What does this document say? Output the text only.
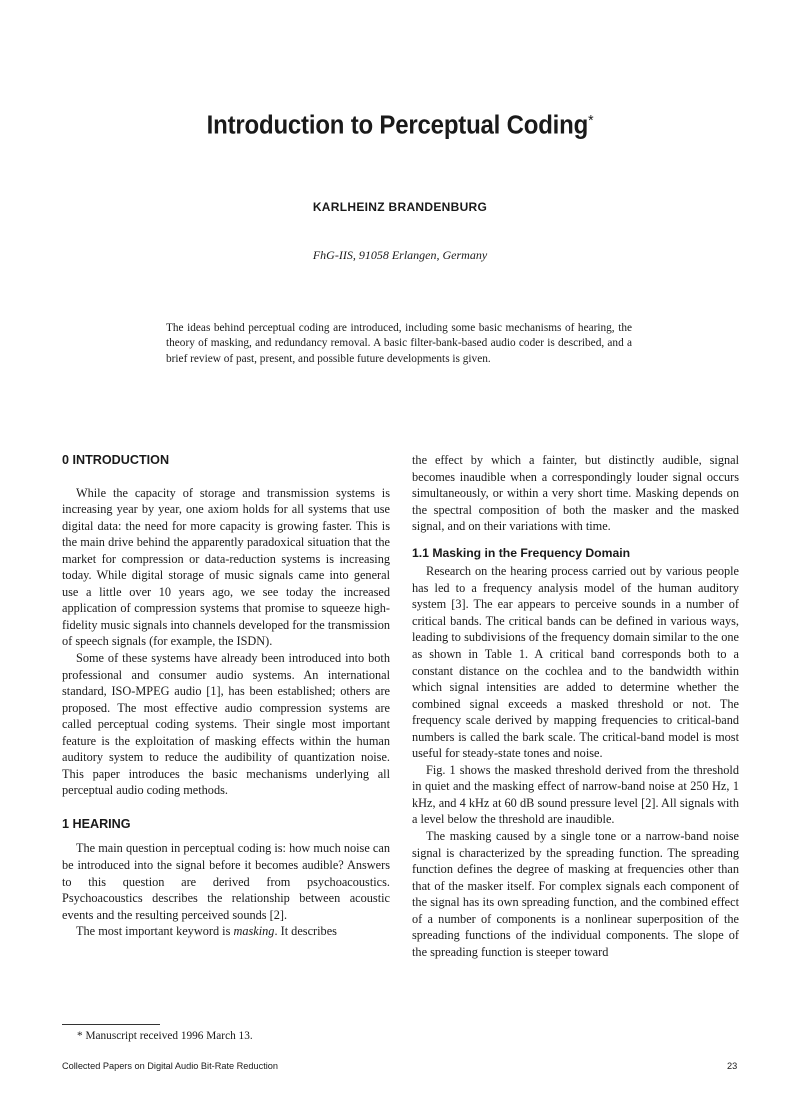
Introduction to Perceptual Coding*
KARLHEINZ BRANDENBURG
FhG-IIS, 91058 Erlangen, Germany
The ideas behind perceptual coding are introduced, including some basic mechanisms of hearing, the theory of masking, and redundancy removal. A basic filter-bank-based audio coder is described, and a brief review of past, present, and possible future developments is given.
0 INTRODUCTION

While the capacity of storage and transmission systems is increasing year by year, one axiom holds for all systems that use digital data: the need for more capacity is growing faster. This is the main drive behind the apparently paradoxical situation that the market for compression or data-reduction systems is increasing today. While digital storage of music signals came into general use a little over 10 years ago, we see today the increased application of compression systems that promise to squeeze high-fidelity music signals into channels developed for the transmission of speech signals (for example, the ISDN).

Some of these systems have already been introduced into both professional and consumer audio systems. An international standard, ISO-MPEG audio [1], has been established; others are proposed. The most effective audio compression systems are called perceptual coding systems. Their single most important feature is the exploitation of masking effects within the human auditory system to reduce the audibility of quantization noise. This paper introduces the basic mechanisms underlying all perceptual audio coding methods.

1 HEARING

The main question in perceptual coding is: how much noise can be introduced into the signal before it becomes audible? Answers to this question are derived from psychoacoustics. Psychoacoustics describes the relationship between acoustic events and the resulting perceived sounds [2].

The most important keyword is masking. It describes

the effect by which a fainter, but distinctly audible, signal becomes inaudible when a correspondingly louder signal occurs simultaneously, or within a very short time. Masking depends on the spectral composition of both the masker and the masked signal, and on their variations with time.

1.1 Masking in the Frequency Domain

Research on the hearing process carried out by various people has led to a frequency analysis model of the human auditory system [3]. The ear appears to perceive sounds in a number of critical bands. The critical bands can be defined in various ways, leading to subdivisions of the frequency domain similar to the one as shown in Table 1. A critical band corresponds both to a constant distance on the cochlea and to the bandwidth within which signal intensities are added to determine whether the combined signal exceeds a masked threshold or not. The frequency scale derived by mapping frequencies to critical-band numbers is called the bark scale. The critical-band model is most useful for steady-state tones and noise.

Fig. 1 shows the masked threshold derived from the threshold in quiet and the masking effect of narrow-band noise at 250 Hz, 1 kHz, and 4 kHz at 60 dB sound pressure level [2]. All signals with a level below the threshold are inaudible.

The masking caused by a single tone or a narrow-band noise signal is characterized by the spreading function. The spreading function defines the degree of masking at frequencies other than that of the masker itself. For complex signals each component of the signal has its own spreading function, and the combined effect of a number of components is a nonlinear superposition of the spreading functions of the individual components. The slope of the spreading function is steeper toward

* Manuscript received 1996 March 13.
Collected Papers on Digital Audio Bit-Rate Reduction	23
